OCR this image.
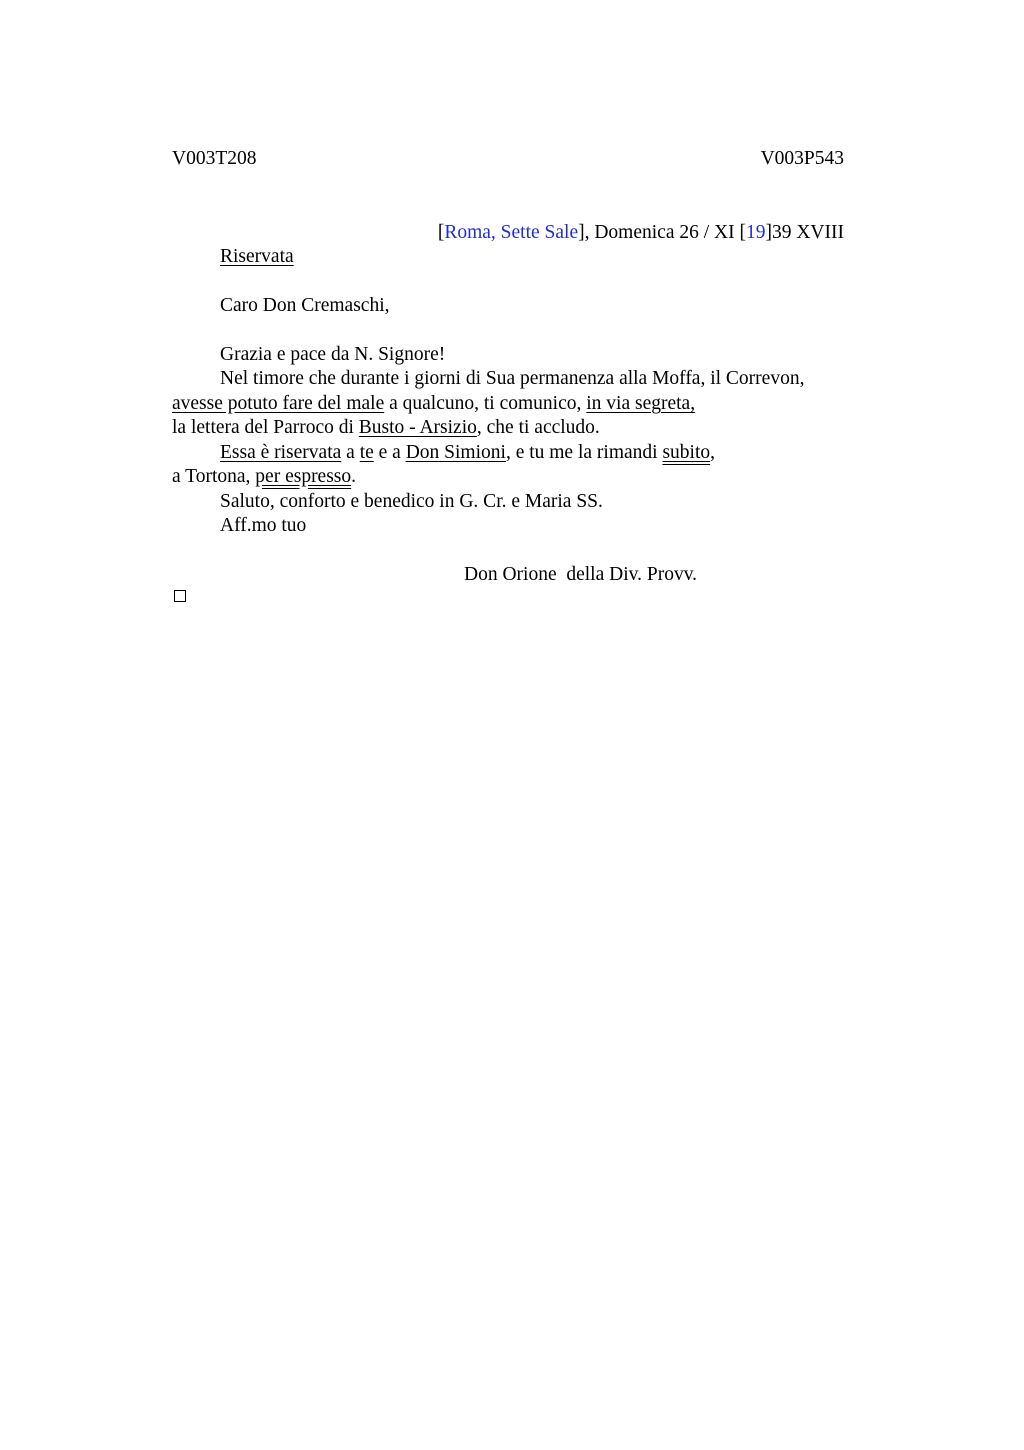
V003T208	V003P543
[Roma, Sette Sale], Domenica 26 / XI [19]39 XVIII
Riservata
Caro Don Cremaschi,
Grazia e pace da N. Signore!
Nel timore che durante i giorni di Sua permanenza alla Moffa, il Correvon,
avesse potuto fare del male a qualcuno, ti comunico, in via segreta,
la lettera del Parroco di Busto - Arsizio, che ti accludo.
Essa è riservata a te e a Don Simioni, e tu me la rimandi subito,
a Tortona, per espresso.
Saluto, conforto e benedico in G. Cr. e Maria SS.
Aff.mo tuo
Don Orione  della Div. Provv.
